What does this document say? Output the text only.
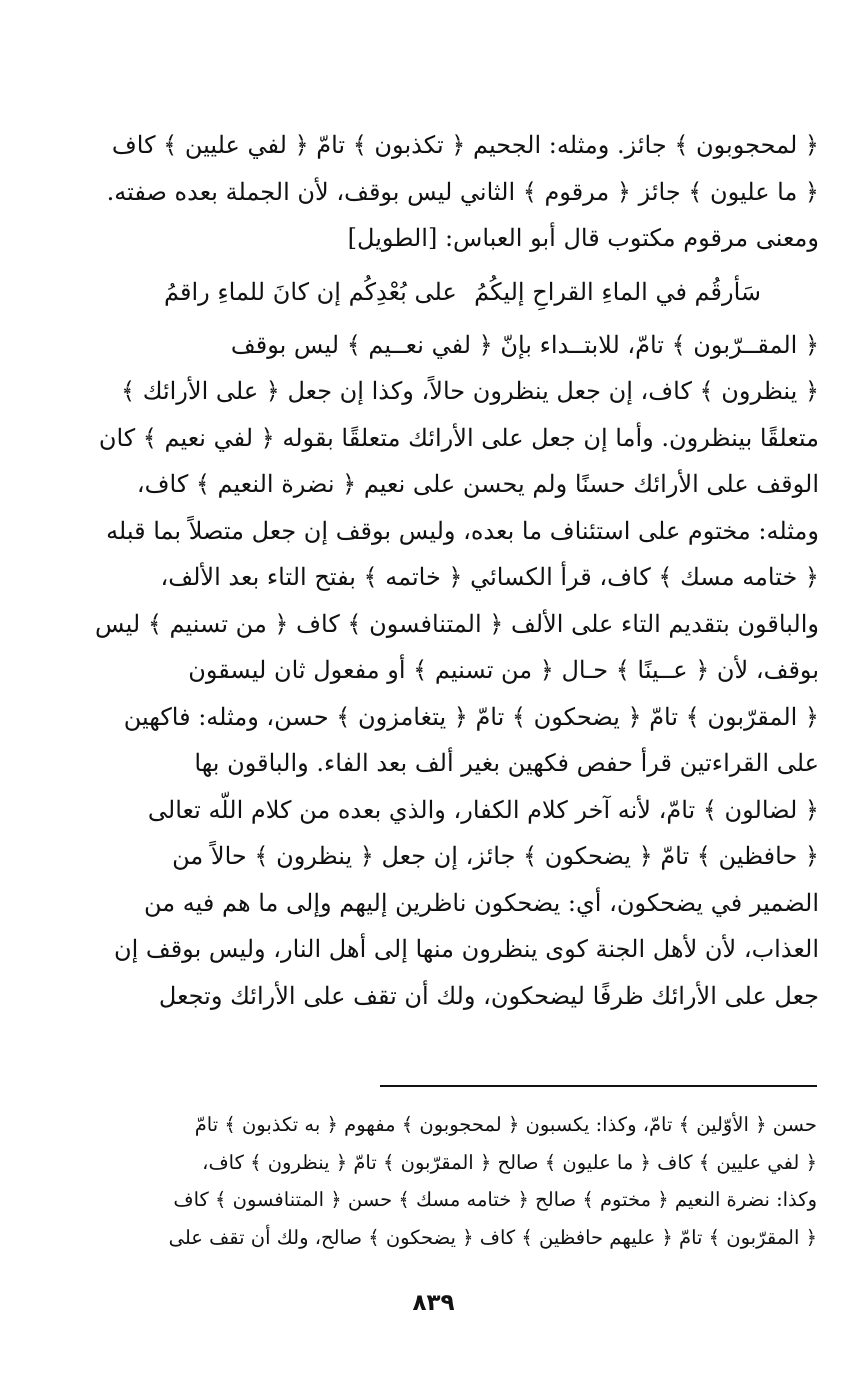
﴿ لمحجوبون ﴾ جائز. ومثله: الجحيم ﴿ تكذبون ﴾ تامّ ﴿ لفي عليين ﴾ كاف
﴿ ما عليون ﴾ جائز ﴿ مرقوم ﴾ الثاني ليس بوقف، لأن الجملة بعده صفته.
ومعنى مرقوم مكتوب قال أبو العباس: [الطويل]
سَأرقُم في الماءِ القراحِ إليكُمُ
على بُعْدِكُم إن كانَ للماءِ راقمُ
﴿ المقــرّبون ﴾ تامّ، للابتــداء بإنّ ﴿ لفي نعــيم ﴾ ليس بوقف
﴿ ينظرون ﴾ كاف، إن جعل ينظرون حالاً، وكذا إن جعل ﴿ على الأرائك ﴾
متعلقًا بينظرون. وأما إن جعل على الأرائك متعلقًا بقوله ﴿ لفي نعيم ﴾ كان
الوقف على الأرائك حسنًا ولم يحسن على نعيم ﴿ نضرة النعيم ﴾ كاف،
ومثله: مختوم على استئناف ما بعده، وليس بوقف إن جعل متصلاً بما قبله
﴿ ختامه مسك ﴾ كاف، قرأ الكسائي ﴿ خاتمه ﴾ بفتح التاء بعد الألف،
والباقون بتقديم التاء على الألف ﴿ المتنافسون ﴾ كاف ﴿ من تسنيم ﴾ ليس
بوقف، لأن ﴿ عــينًا ﴾ حـال ﴿ من تسنيم ﴾ أو مفعول ثان ليسقون
﴿ المقرّبون ﴾ تامّ ﴿ يضحكون ﴾ تامّ ﴿ يتغامزون ﴾ حسن، ومثله: فاكهين
على القراءتين قرأ حفص فكهين بغير ألف بعد الفاء. والباقون بها
﴿ لضالون ﴾ تامّ، لأنه آخر كلام الكفار، والذي بعده من كلام اللّه تعالى
﴿ حافظين ﴾ تامّ ﴿ يضحكون ﴾ جائز، إن جعل ﴿ ينظرون ﴾ حالاً من
الضمير في يضحكون، أي: يضحكون ناظرين إليهم وإلى ما هم فيه من
العذاب، لأن لأهل الجنة كوى ينظرون منها إلى أهل النار، وليس بوقف إن
جعل على الأرائك ظرفًا ليضحكون، ولك أن تقف على الأرائك وتجعل
حسن ﴿ الأوّلين ﴾ تامّ، وكذا: يكسبون ﴿ لمحجوبون ﴾ مفهوم ﴿ به تكذبون ﴾ تامّ
﴿ لفي عليين ﴾ كاف ﴿ ما عليون ﴾ صالح ﴿ المقرّبون ﴾ تامّ ﴿ ينظرون ﴾ كاف،
وكذا: نضرة النعيم ﴿ مختوم ﴾ صالح ﴿ ختامه مسك ﴾ حسن ﴿ المتنافسون ﴾ كاف
﴿ المقرّبون ﴾ تامّ ﴿ عليهم حافظين ﴾ كاف ﴿ يضحكون ﴾ صالح، ولك أن تقف على
٨٣٩
